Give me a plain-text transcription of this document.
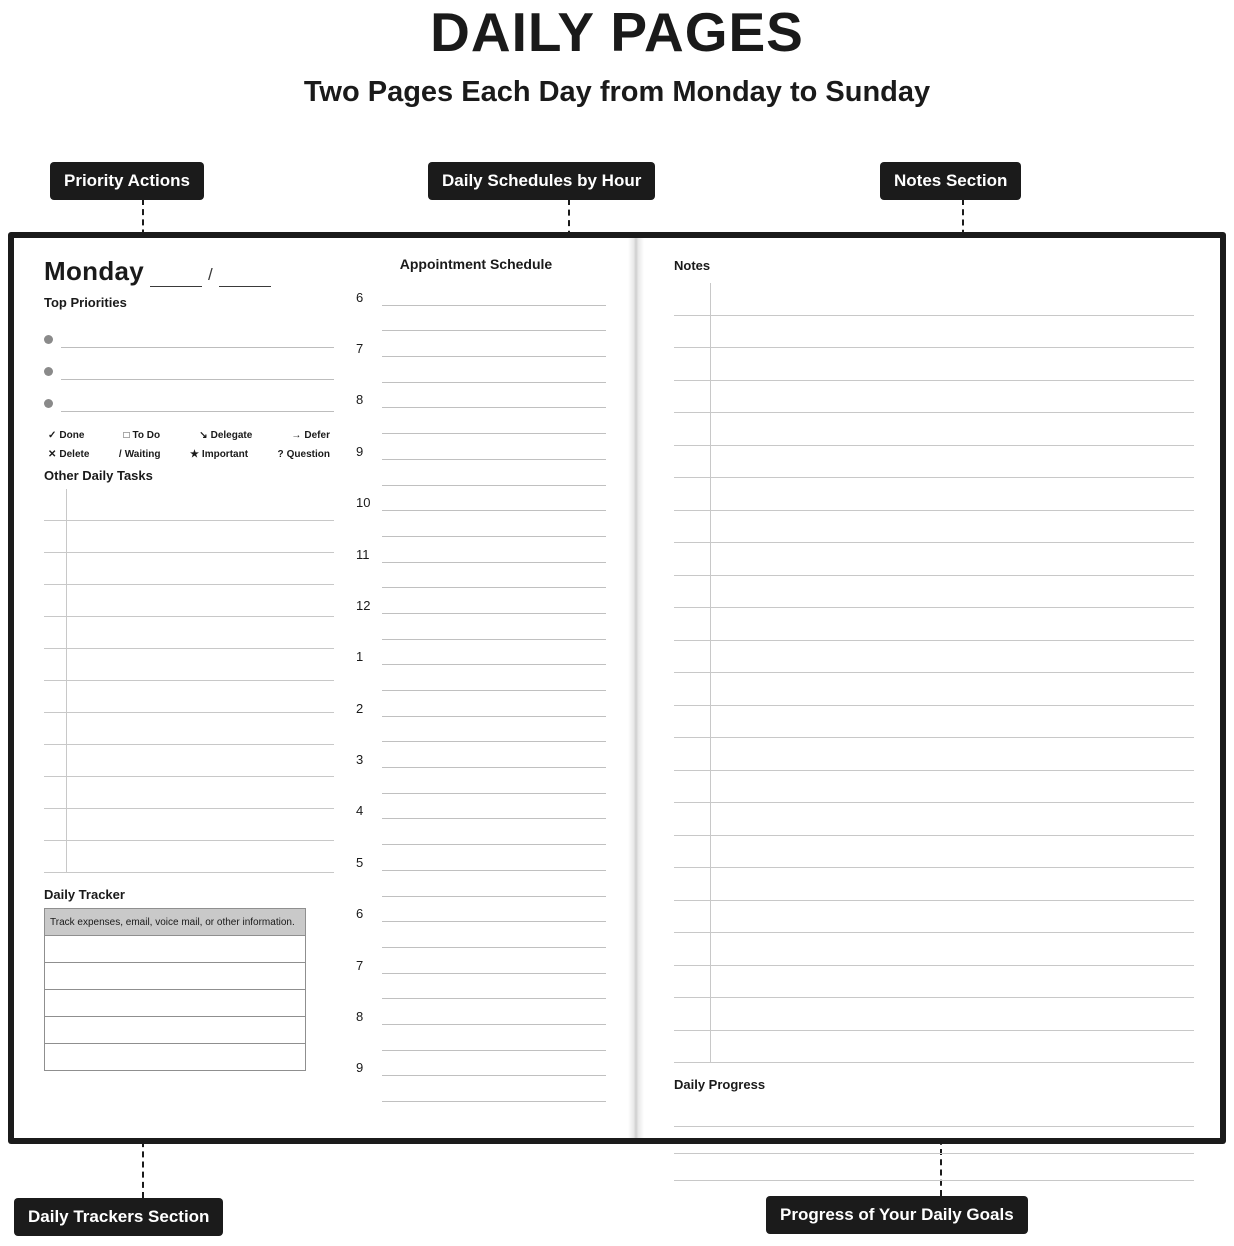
DAILY PAGES

Two Pages Each Day from Monday to Sunday

Priority Actions	Daily Schedules by Hour	Notes Section
Daily Trackers Section	Progress of Your Daily Goals
Monday	/
Top Priorities
✓ Done	□ To Do	↘ Delegate	→ Defer
✕ Delete	/ Waiting	★ Important	? Question
Other Daily Tasks
Daily Tracker
Track expenses, email, voice mail, or other information.

Appointment Schedule
6
7
8
9
10
11
12
1
2
3
4
5
6
7
8
9
Notes
Daily Progress
